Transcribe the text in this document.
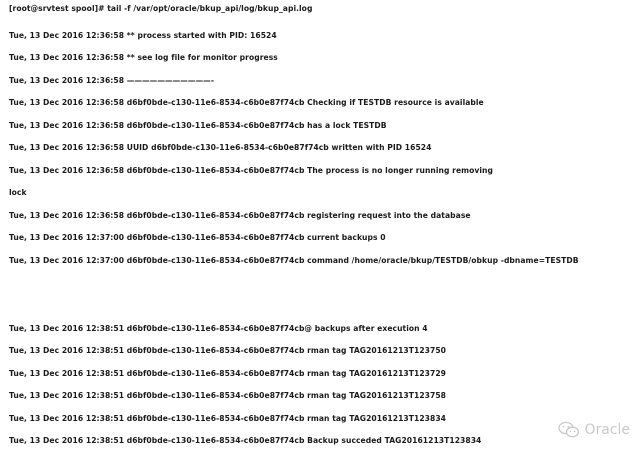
[root@srvtest spool]# tail -f /var/opt/oracle/bkup_api/log/bkup_api.log
Tue, 13 Dec 2016 12:36:58 ** process started with PID: 16524
Tue, 13 Dec 2016 12:36:58 ** see log file for monitor progress
Tue, 13 Dec 2016 12:36:58 ———————————-
Tue, 13 Dec 2016 12:36:58 d6bf0bde-c130-11e6-8534-c6b0e87f74cb Checking if TESTDB resource is available
Tue, 13 Dec 2016 12:36:58 d6bf0bde-c130-11e6-8534-c6b0e87f74cb has a lock TESTDB
Tue, 13 Dec 2016 12:36:58 UUID d6bf0bde-c130-11e6-8534-c6b0e87f74cb written with PID 16524
Tue, 13 Dec 2016 12:36:58 d6bf0bde-c130-11e6-8534-c6b0e87f74cb The process is no longer running removing
lock
Tue, 13 Dec 2016 12:36:58 d6bf0bde-c130-11e6-8534-c6b0e87f74cb registering request into the database
Tue, 13 Dec 2016 12:37:00 d6bf0bde-c130-11e6-8534-c6b0e87f74cb current backups 0
Tue, 13 Dec 2016 12:37:00 d6bf0bde-c130-11e6-8534-c6b0e87f74cb command /home/oracle/bkup/TESTDB/obkup -dbname=TESTDB
Tue, 13 Dec 2016 12:38:51 d6bf0bde-c130-11e6-8534-c6b0e87f74cb@ backups after execution 4
Tue, 13 Dec 2016 12:38:51 d6bf0bde-c130-11e6-8534-c6b0e87f74cb rman tag TAG20161213T123750
Tue, 13 Dec 2016 12:38:51 d6bf0bde-c130-11e6-8534-c6b0e87f74cb rman tag TAG20161213T123729
Tue, 13 Dec 2016 12:38:51 d6bf0bde-c130-11e6-8534-c6b0e87f74cb rman tag TAG20161213T123758
Tue, 13 Dec 2016 12:38:51 d6bf0bde-c130-11e6-8534-c6b0e87f74cb rman tag TAG20161213T123834
Tue, 13 Dec 2016 12:38:51 d6bf0bde-c130-11e6-8534-c6b0e87f74cb Backup succeded TAG20161213T123834
Oracle
